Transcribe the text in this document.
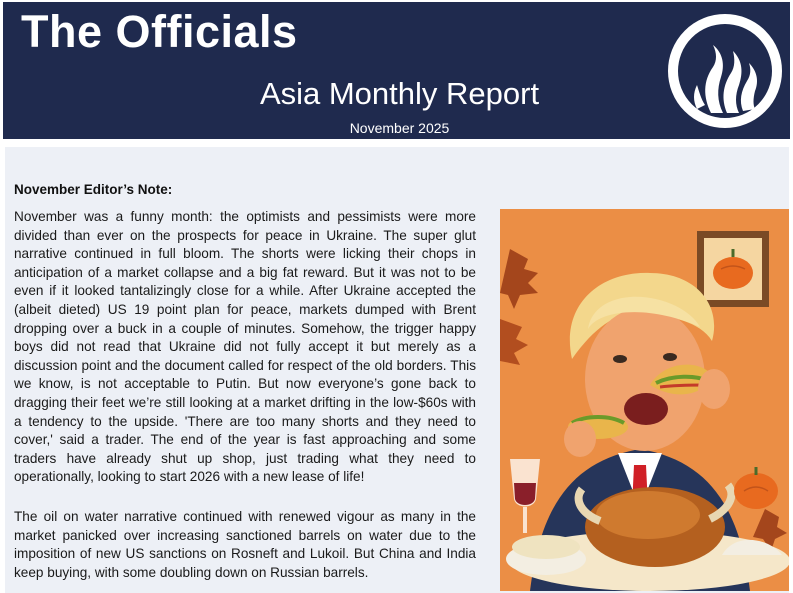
The Officials
Asia Monthly Report
November 2025
November Editor’s Note:

November was a funny month: the optimists and pessimists were more divided than ever on the prospects for peace in Ukraine. The super glut narrative continued in full bloom. The shorts were licking their chops in anticipation of a market collapse and a big fat reward. But it was not to be even if it looked tantalizingly close for a while. After Ukraine accepted the (albeit dieted) US 19 point plan for peace, markets dumped with Brent dropping over a buck in a couple of minutes. Somehow, the trigger happy boys did not read that Ukraine did not fully accept it but merely as a discussion point and the document called for respect of the old borders. This we know, is not acceptable to Putin. But now everyone’s gone back to dragging their feet we’re still looking at a market drifting in the low-$60s with a tendency to the upside. 'There are too many shorts and they need to cover,' said a trader. The end of the year is fast approaching and some traders have already shut up shop, just trading what they need to operationally, looking to start 2026 with a new lease of life!

The oil on water narrative continued with renewed vigour as many in the market panicked over increasing sanctioned barrels on water due to the imposition of new US sanctions on Rosneft and Lukoil. But China and India keep buying, with some doubling down on Russian barrels.
